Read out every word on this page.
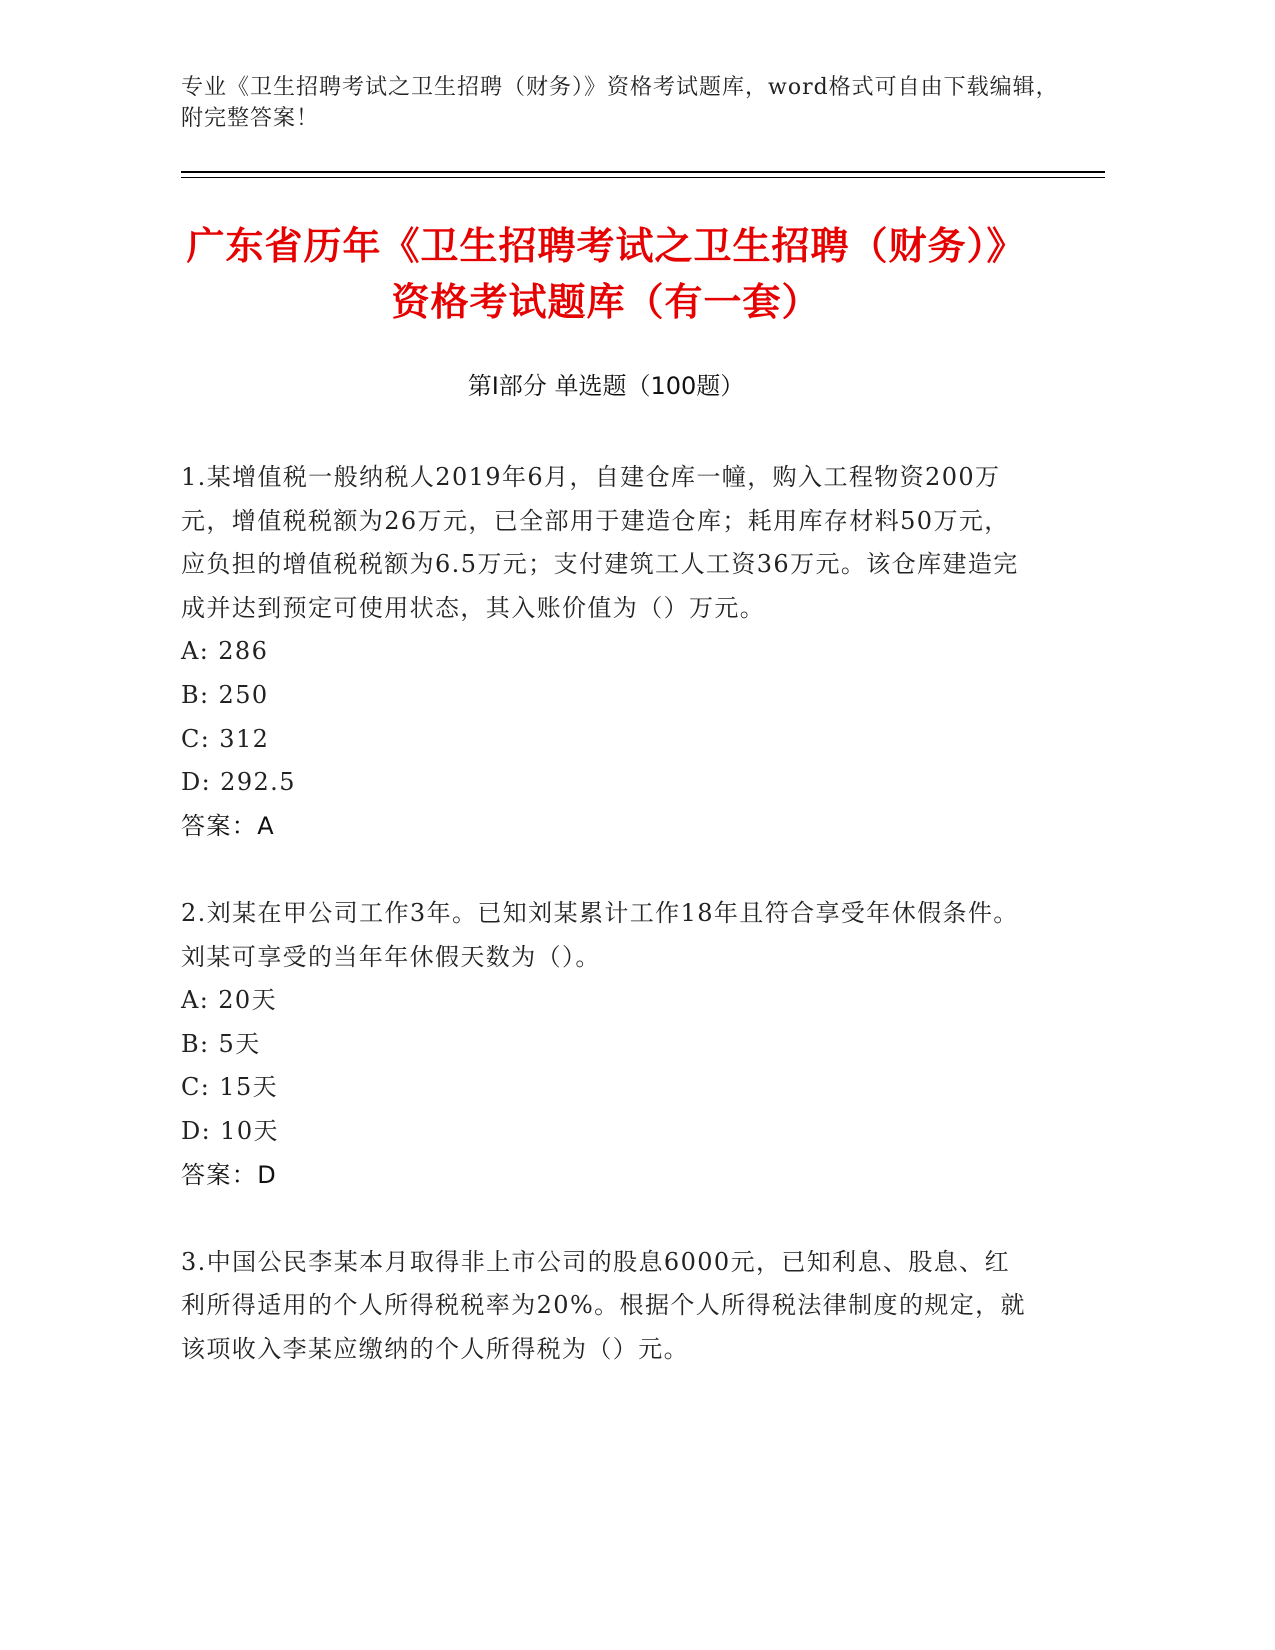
专业《卫生招聘考试之卫生招聘（财务）》资格考试题库，word格式可自由下载编辑，附完整答案！
广东省历年《卫生招聘考试之卫生招聘（财务）》资格考试题库（有一套）
第Ⅰ部分 单选题（100题）

1.某增值税一般纳税人2019年6月，自建仓库一幢，购入工程物资200万元，增值税税额为26万元，已全部用于建造仓库；耗用库存材料50万元，应负担的增值税税额为6.5万元；支付建筑工人工资36万元。该仓库建造完成并达到预定可使用状态，其入账价值为（）万元。

A: 286

B: 250

C: 312

D: 292.5

答案：A

2.刘某在甲公司工作3年。已知刘某累计工作18年且符合享受年休假条件。刘某可享受的当年年休假天数为（）。

A: 20天

B: 5天

C: 15天

D: 10天

答案：D

3.中国公民李某本月取得非上市公司的股息6000元，已知利息、股息、红利所得适用的个人所得税税率为20%。根据个人所得税法律制度的规定，就该项收入李某应缴纳的个人所得税为（）元。
